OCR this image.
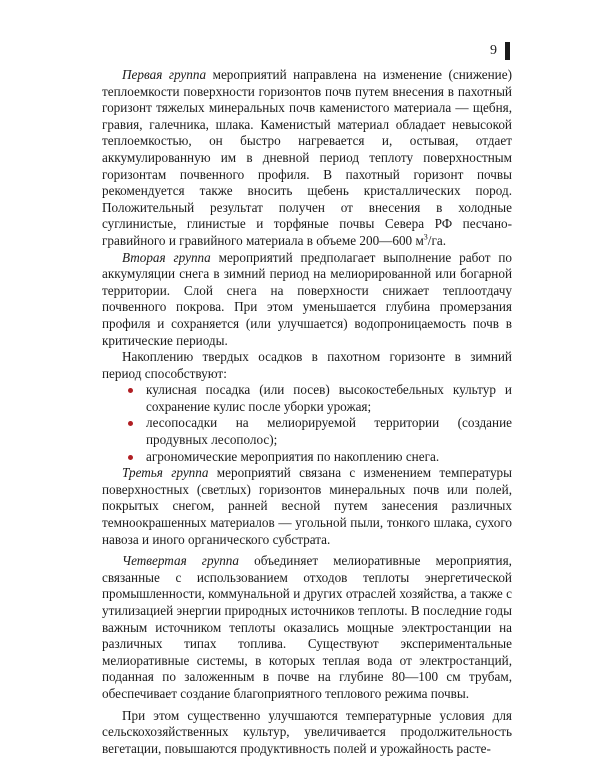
9

Первая группа мероприятий направлена на изменение (снижение) теплоемкости поверхности горизонтов почв путем внесения в пахотный горизонт тяжелых минеральных почв каменистого материала — щебня, гравия, галечника, шлака. Каменистый материал обладает невысокой теплоемкостью, он быстро нагревается и, остывая, отдает аккумулированную им в дневной период теплоту поверхностным горизонтам почвенного профиля. В пахотный горизонт почвы рекомендуется также вносить щебень кристаллических пород. Положительный результат получен от внесения в холодные суглинистые, глинистые и торфяные почвы Севера РФ песчано-гравийного и гравийного материала в объеме 200—600 $м^3/га$.

Вторая группа мероприятий предполагает выполнение работ по аккумуляции снега в зимний период на мелиорированной или богарной территории. Слой снега на поверхности снижает теплоотдачу почвенного покрова. При этом уменьшается глубина промерзания профиля и сохраняется (или улучшается) водопроницаемость почв в критические периоды.

Накоплению твердых осадков в пахотном горизонте в зимний период способствуют:

кулисная посадка (или посев) высокостебельных культур и сохранение кулис после уборки урожая;
лесопосадки на мелиорируемой территории (создание продувных лесополос);
агрономические мероприятия по накоплению снега.

Третья группа мероприятий связана с изменением температуры поверхностных (светлых) горизонтов минеральных почв или полей, покрытых снегом, ранней весной путем занесения различных темноокрашенных материалов — угольной пыли, тонкого шлака, сухого навоза и иного органического субстрата.

Четвертая группа объединяет мелиоративные мероприятия, связанные с использованием отходов теплоты энергетической промышленности, коммунальной и других отраслей хозяйства, а также с утилизацией энергии природных источников теплоты. В последние годы важным источником теплоты оказались мощные электростанции на различных типах топлива. Существуют экспериментальные мелиоративные системы, в которых теплая вода от электростанций, поданная по заложенным в почве на глубине 80—100 см трубам, обеспечивает создание благоприятного теплового режима почвы.

При этом существенно улучшаются температурные условия для сельскохозяйственных культур, увеличивается продолжительность вегетации, повышаются продуктивность полей и урожайность расте-
